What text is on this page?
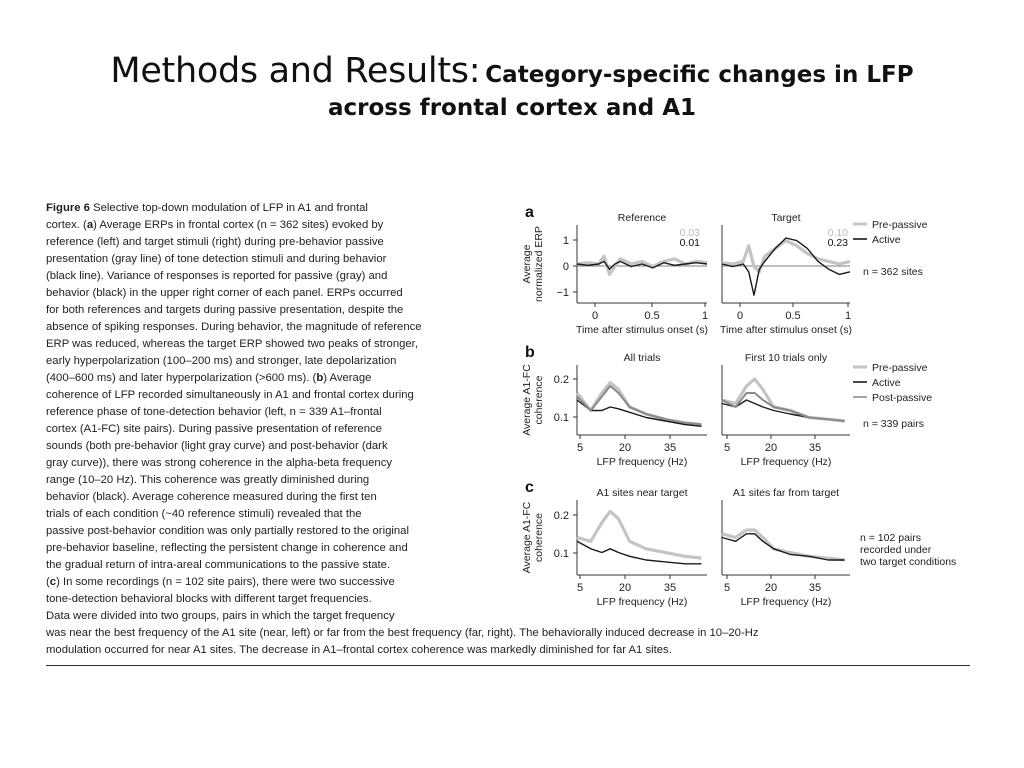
Methods and Results: Category-specific changes in LFP
across frontal cortex and A1
Figure 6 Selective top-down modulation of LFP in A1 and frontal
cortex. (a) Average ERPs in frontal cortex (n = 362 sites) evoked by
reference (left) and target stimuli (right) during pre-behavior passive
presentation (gray line) of tone detection stimuli and during behavior
(black line). Variance of responses is reported for passive (gray) and
behavior (black) in the upper right corner of each panel. ERPs occurred
for both references and targets during passive presentation, despite the
absence of spiking responses. During behavior, the magnitude of reference
ERP was reduced, whereas the target ERP showed two peaks of stronger,
early hyperpolarization (100–200 ms) and stronger, late depolarization
(400–600 ms) and later hyperpolarization (>600 ms). (b) Average
coherence of LFP recorded simultaneously in A1 and frontal cortex during
reference phase of tone-detection behavior (left, n = 339 A1–frontal
cortex (A1-FC) site pairs). During passive presentation of reference
sounds (both pre-behavior (light gray curve) and post-behavior (dark
gray curve)), there was strong coherence in the alpha-beta frequency
range (10–20 Hz). This coherence was greatly diminished during
behavior (black). Average coherence measured during the first ten
trials of each condition (~40 reference stimuli) revealed that the
passive post-behavior condition was only partially restored to the original
pre-behavior baseline, reflecting the persistent change in coherence and
the gradual return of intra-areal communications to the passive state.
(c) In some recordings (n = 102 site pairs), there were two successive
tone-detection behavioral blocks with different target frequencies.
Data were divided into two groups, pairs in which the target frequency
was near the best frequency of the A1 site (near, left) or far from the best frequency (far, right). The behaviorally induced decrease in 10–20-Hz
modulation occurred for near A1 sites. The decrease in A1–frontal cortex coherence was markedly diminished for far A1 sites.
a
Averagenormalized ERP 1
0
−1
Reference
0	0.5	1
Time after stimulus onset (s)
Target
0	0.5	1
Time after stimulus onset (s)
b
Average A1-FCcoherence 0.2
0.1
All trials
5	20	35
LFP frequency (Hz)
First 10 trials only
5	20	35
LFP frequency (Hz)
c
Average A1-FCcoherence 0.2
0.1
A1 sites near target
5	20	35
LFP frequency (Hz)
A1 sites far from target
5	20	35
LFP frequency (Hz)
0.03
0.01
0.10
0.23
Pre-passive
Active
Pre-passive
Active
Post-passive
n = 362 sites
n = 339 pairs
n = 102 pairs
recorded under
two target conditions
